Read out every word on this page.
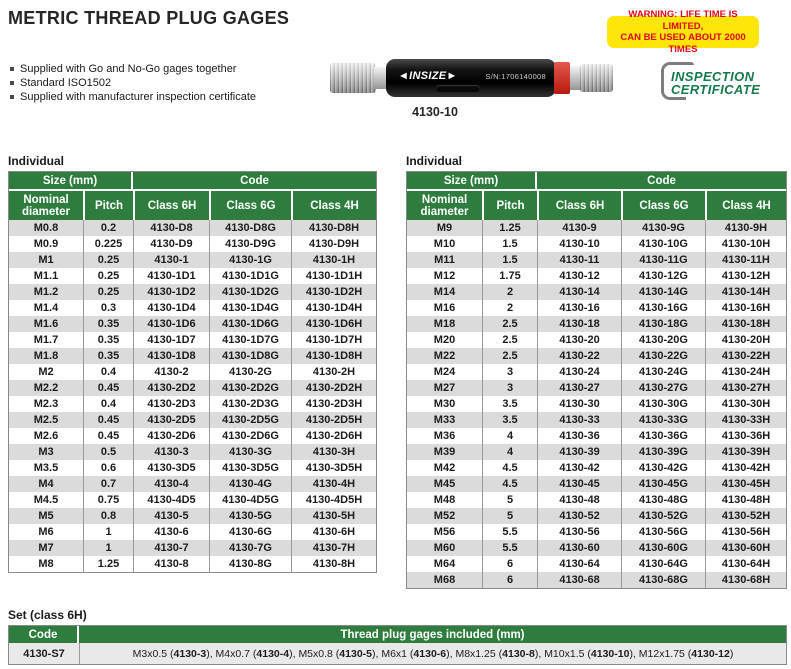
METRIC THREAD PLUG GAGES
Supplied with Go and No-Go gages together
Standard ISO1502
Supplied with manufacturer inspection certificate
WARNING: LIFE TIME IS LIMITED,
CAN BE USED ABOUT 2000 TIMES
INSPECTION
CERTIFICATE
◄INSIZE►	S/N:1706140008
4130-10
Individual
Size (mm)		Code		
Nominal diameter	Pitch	Class 6H	Class 6G	Class 4H
M0.8	0.2	4130-D8	4130-D8G	4130-D8H
M0.9	0.225	4130-D9	4130-D9G	4130-D9H
M1	0.25	4130-1	4130-1G	4130-1H
M1.1	0.25	4130-1D1	4130-1D1G	4130-1D1H
M1.2	0.25	4130-1D2	4130-1D2G	4130-1D2H
M1.4	0.3	4130-1D4	4130-1D4G	4130-1D4H
M1.6	0.35	4130-1D6	4130-1D6G	4130-1D6H
M1.7	0.35	4130-1D7	4130-1D7G	4130-1D7H
M1.8	0.35	4130-1D8	4130-1D8G	4130-1D8H
M2	0.4	4130-2	4130-2G	4130-2H
M2.2	0.45	4130-2D2	4130-2D2G	4130-2D2H
M2.3	0.4	4130-2D3	4130-2D3G	4130-2D3H
M2.5	0.45	4130-2D5	4130-2D5G	4130-2D5H
M2.6	0.45	4130-2D6	4130-2D6G	4130-2D6H
M3	0.5	4130-3	4130-3G	4130-3H
M3.5	0.6	4130-3D5	4130-3D5G	4130-3D5H
M4	0.7	4130-4	4130-4G	4130-4H
M4.5	0.75	4130-4D5	4130-4D5G	4130-4D5H
M5	0.8	4130-5	4130-5G	4130-5H
M6	1	4130-6	4130-6G	4130-6H
M7	1	4130-7	4130-7G	4130-7H
M8	1.25	4130-8	4130-8G	4130-8H
Individual
Size (mm)		Code		
Nominal diameter	Pitch	Class 6H	Class 6G	Class 4H
M9	1.25	4130-9	4130-9G	4130-9H
M10	1.5	4130-10	4130-10G	4130-10H
M11	1.5	4130-11	4130-11G	4130-11H
M12	1.75	4130-12	4130-12G	4130-12H
M14	2	4130-14	4130-14G	4130-14H
M16	2	4130-16	4130-16G	4130-16H
M18	2.5	4130-18	4130-18G	4130-18H
M20	2.5	4130-20	4130-20G	4130-20H
M22	2.5	4130-22	4130-22G	4130-22H
M24	3	4130-24	4130-24G	4130-24H
M27	3	4130-27	4130-27G	4130-27H
M30	3.5	4130-30	4130-30G	4130-30H
M33	3.5	4130-33	4130-33G	4130-33H
M36	4	4130-36	4130-36G	4130-36H
M39	4	4130-39	4130-39G	4130-39H
M42	4.5	4130-42	4130-42G	4130-42H
M45	4.5	4130-45	4130-45G	4130-45H
M48	5	4130-48	4130-48G	4130-48H
M52	5	4130-52	4130-52G	4130-52H
M56	5.5	4130-56	4130-56G	4130-56H
M60	5.5	4130-60	4130-60G	4130-60H
M64	6	4130-64	4130-64G	4130-64H
M68	6	4130-68	4130-68G	4130-68H
Set (class 6H)
Code	Thread plug gages included (mm)
4130-S7	M3x0.5 (4130-3), M4x0.7 (4130-4), M5x0.8 (4130-5), M6x1 (4130-6), M8x1.25 (4130-8), M10x1.5 (4130-10), M12x1.75 (4130-12)
